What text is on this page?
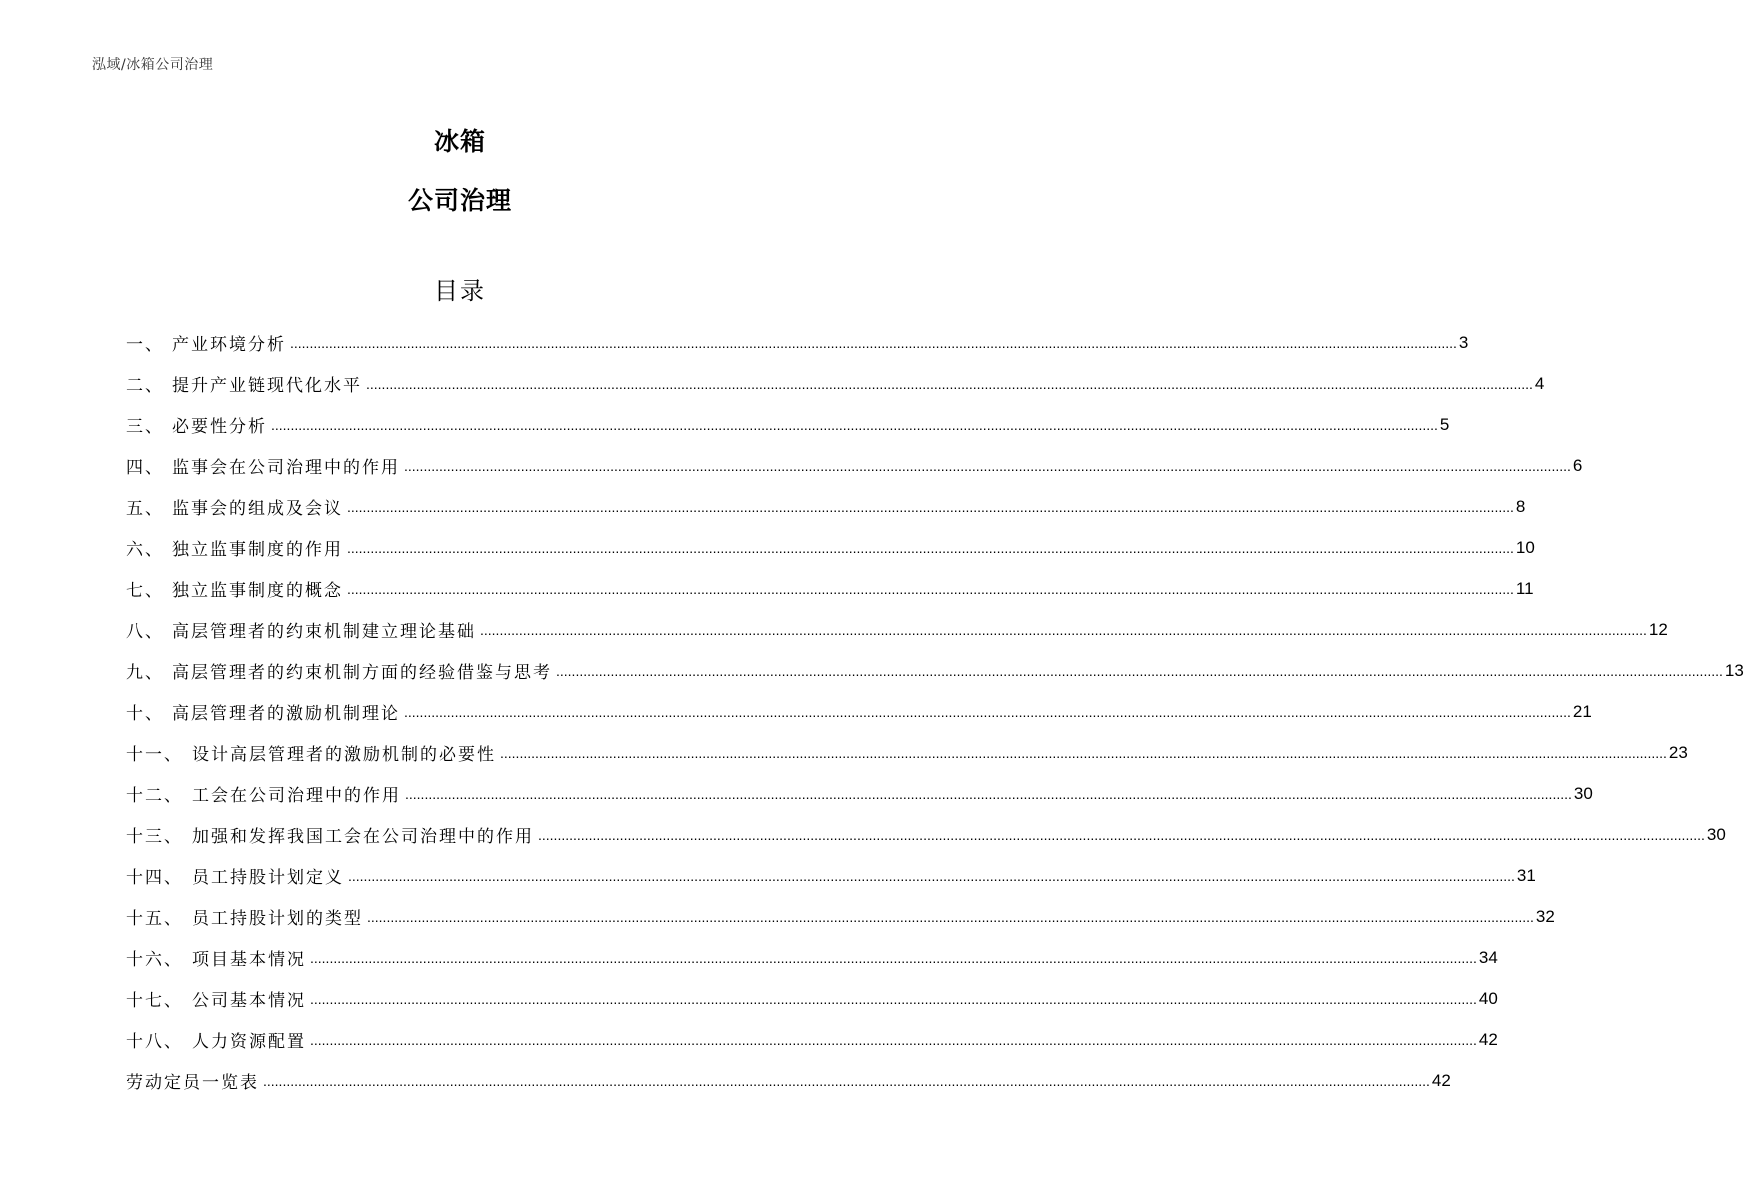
泓域/冰箱公司治理
冰箱
公司治理
目录
一、 产业环境分析 ............................................................................................................................................................................................................................................................................................................ 3
二、 提升产业链现代化水平 ............................................................................................................................................................................................................................................................................................................ 4
三、 必要性分析 ............................................................................................................................................................................................................................................................................................................ 5
四、 监事会在公司治理中的作用 ............................................................................................................................................................................................................................................................................................................ 6
五、 监事会的组成及会议 ............................................................................................................................................................................................................................................................................................................ 8
六、 独立监事制度的作用 ............................................................................................................................................................................................................................................................................................................ 10
七、 独立监事制度的概念 ............................................................................................................................................................................................................................................................................................................ 11
八、 高层管理者的约束机制建立理论基础 ............................................................................................................................................................................................................................................................................................................ 12
九、 高层管理者的约束机制方面的经验借鉴与思考 ............................................................................................................................................................................................................................................................................................................ 13
十、 高层管理者的激励机制理论 ............................................................................................................................................................................................................................................................................................................ 21
十一、 设计高层管理者的激励机制的必要性 ............................................................................................................................................................................................................................................................................................................ 23
十二、 工会在公司治理中的作用 ............................................................................................................................................................................................................................................................................................................ 30
十三、 加强和发挥我国工会在公司治理中的作用 ............................................................................................................................................................................................................................................................................................................ 30
十四、 员工持股计划定义 ............................................................................................................................................................................................................................................................................................................ 31
十五、 员工持股计划的类型 ............................................................................................................................................................................................................................................................................................................ 32
十六、 项目基本情况 ............................................................................................................................................................................................................................................................................................................ 34
十七、 公司基本情况 ............................................................................................................................................................................................................................................................................................................ 40
十八、 人力资源配置 ............................................................................................................................................................................................................................................................................................................ 42
劳动定员一览表 ............................................................................................................................................................................................................................................................................................................ 42
